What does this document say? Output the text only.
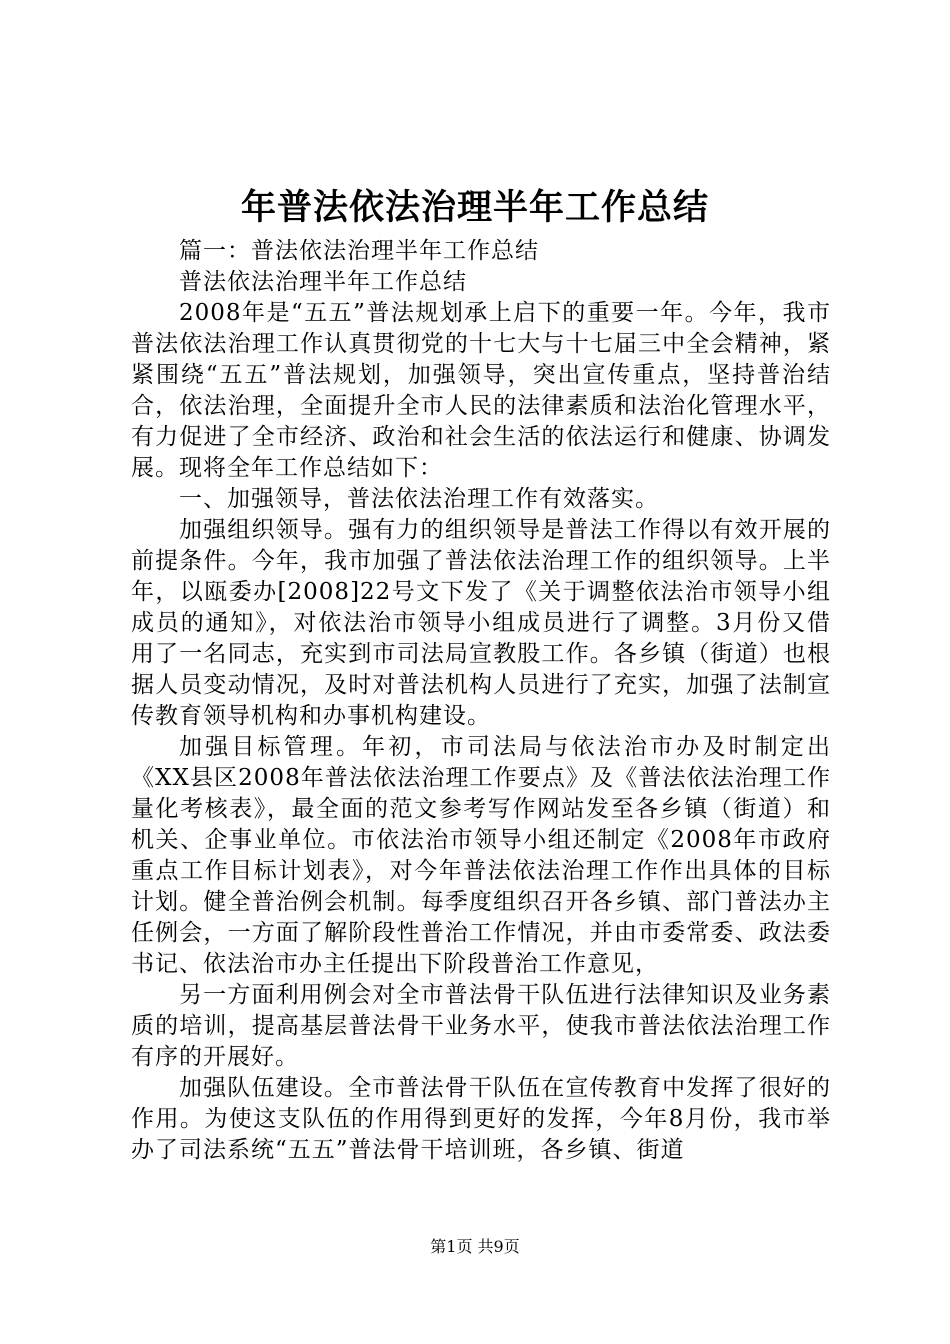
年普法依法治理半年工作总结

篇一：普法依法治理半年工作总结

普法依法治理半年工作总结

2008年是“五五”普法规划承上启下的重要一年。今年，我市普法依法治理工作认真贯彻党的十七大与十七届三中全会精神，紧紧围绕“五五”普法规划，加强领导，突出宣传重点，坚持普治结合，依法治理，全面提升全市人民的法律素质和法治化管理水平，有力促进了全市经济、政治和社会生活的依法运行和健康、协调发展。现将全年工作总结如下：

一、加强领导，普法依法治理工作有效落实。

加强组织领导。强有力的组织领导是普法工作得以有效开展的前提条件。今年，我市加强了普法依法治理工作的组织领导。上半年，以瓯委办[2008]22号文下发了《关于调整依法治市领导小组成员的通知》，对依法治市领导小组成员进行了调整。3月份又借用了一名同志，充实到市司法局宣教股工作。各乡镇（街道）也根据人员变动情况，及时对普法机构人员进行了充实，加强了法制宣传教育领导机构和办事机构建设。

加强目标管理。年初，市司法局与依法治市办及时制定出《XX县区2008年普法依法治理工作要点》及《普法依法治理工作量化考核表》，最全面的范文参考写作网站发至各乡镇（街道）和机关、企事业单位。市依法治市领导小组还制定《2008年市政府重点工作目标计划表》，对今年普法依法治理工作作出具体的目标计划。健全普治例会机制。每季度组织召开各乡镇、部门普法办主任例会，一方面了解阶段性普治工作情况，并由市委常委、政法委书记、依法治市办主任提出下阶段普治工作意见，

另一方面利用例会对全市普法骨干队伍进行法律知识及业务素质的培训，提高基层普法骨干业务水平，使我市普法依法治理工作有序的开展好。

加强队伍建设。全市普法骨干队伍在宣传教育中发挥了很好的作用。为使这支队伍的作用得到更好的发挥，今年8月份，我市举办了司法系统“五五”普法骨干培训班，各乡镇、街道

第1页 共9页
